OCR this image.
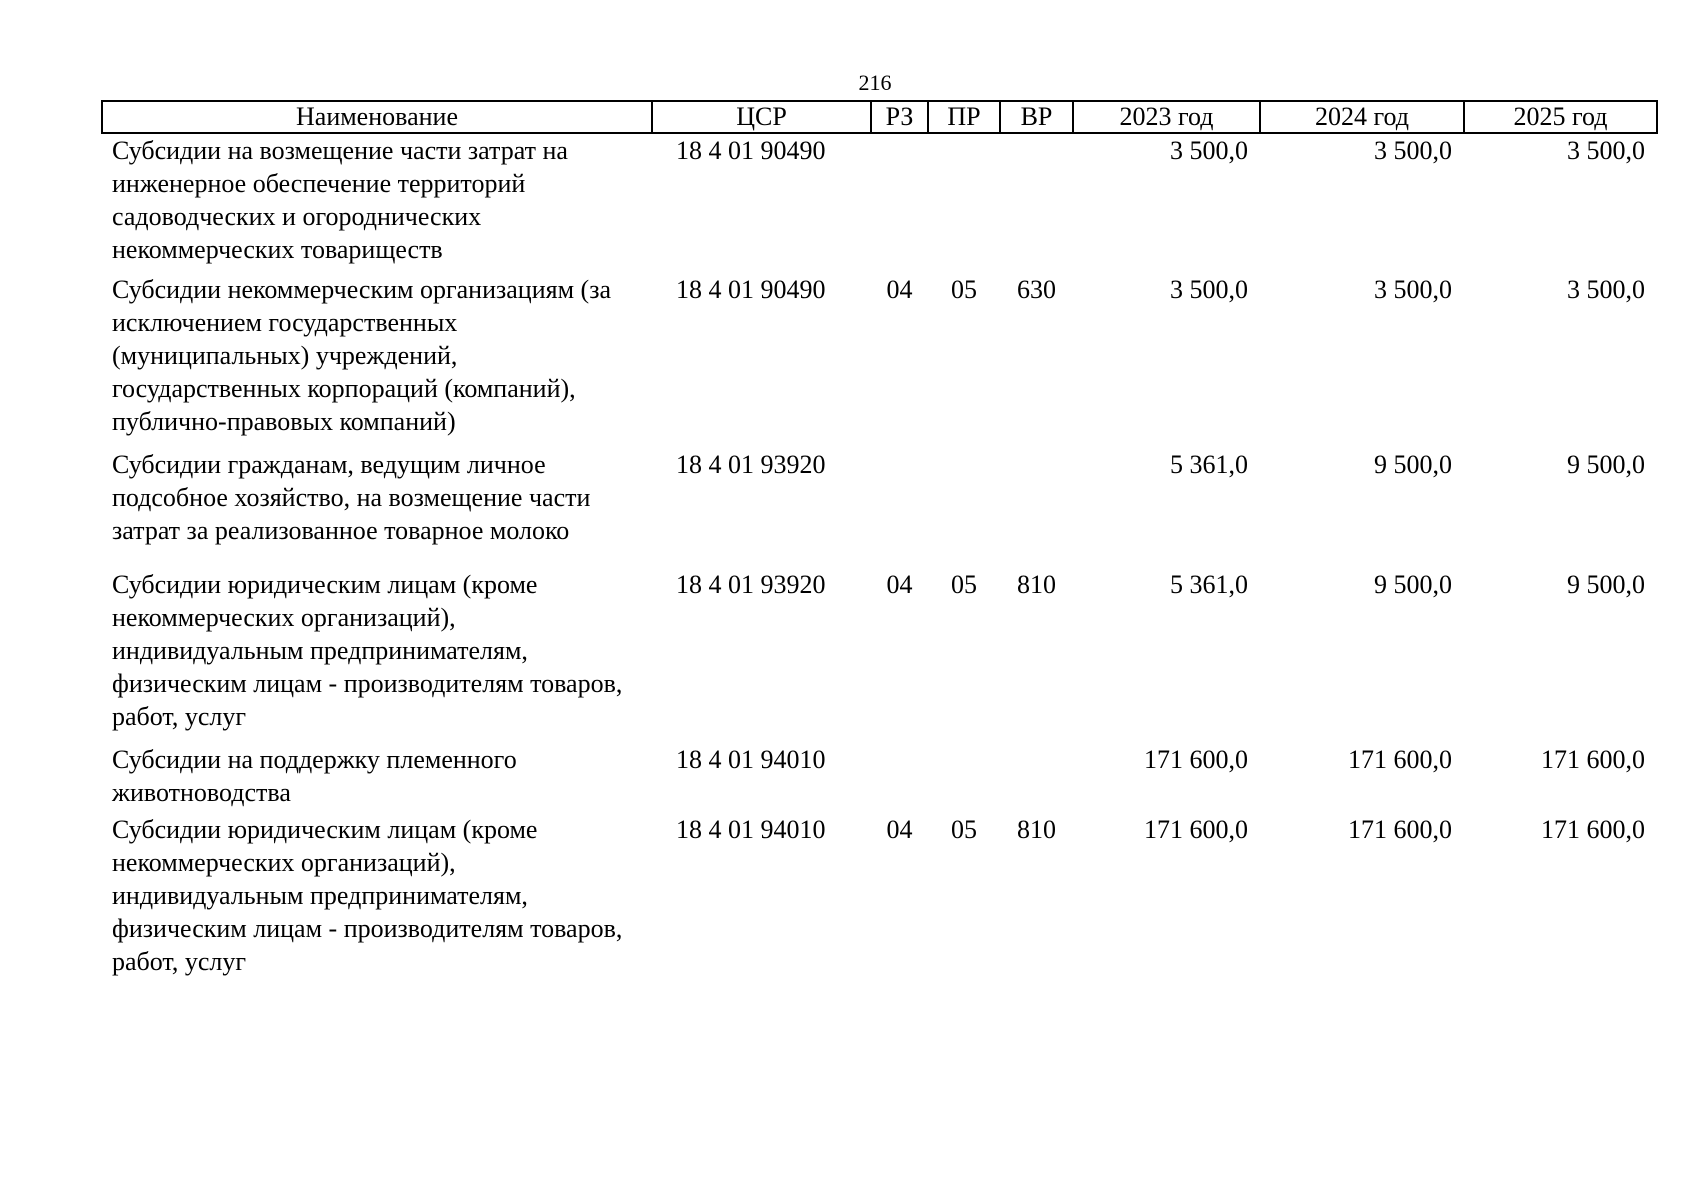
216
Наименование	ЦСР	РЗ	ПР	ВР	2023 год	2024 год	2025 год
Субсидии на возмещение части затрат на инженерное обеспечение территорий садоводческих и огороднических некоммерческих товариществ	18 4 01 90490				3 500,0	3 500,0	3 500,0
Субсидии некоммерческим организациям (за исключением государственных (муниципальных) учреждений, государственных корпораций (компаний), публично-правовых компаний)	18 4 01 90490	04	05	630	3 500,0	3 500,0	3 500,0
Субсидии гражданам, ведущим личное подсобное хозяйство, на возмещение части затрат за реализованное товарное молоко	18 4 01 93920				5 361,0	9 500,0	9 500,0
Субсидии юридическим лицам (кроме некоммерческих организаций), индивидуальным предпринимателям, физическим лицам - производителям товаров, работ, услуг	18 4 01 93920	04	05	810	5 361,0	9 500,0	9 500,0
Субсидии на поддержку племенного животноводства	18 4 01 94010				171 600,0	171 600,0	171 600,0
Субсидии юридическим лицам (кроме некоммерческих организаций), индивидуальным предпринимателям, физическим лицам - производителям товаров, работ, услуг	18 4 01 94010	04	05	810	171 600,0	171 600,0	171 600,0
